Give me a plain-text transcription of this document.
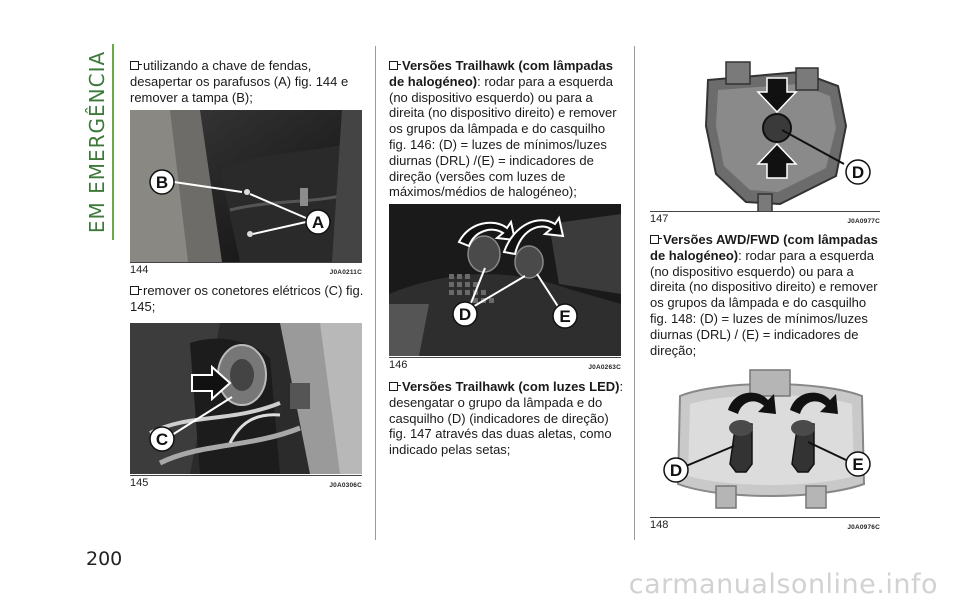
EM EMERGÊNCIA
200
utilizando a chave de fendas, desapertar os parafusos (A) fig. 144 e remover a tampa (B);
B
A
144	J0A0211C
remover os conetores elétricos (C) fig. 145;
C
145	J0A0306C
Versões Trailhawk (com lâmpadas de halogéneo): rodar para a esquerda (no dispositivo esquerdo) ou para a direita (no dispositivo direito) e remover os grupos da lâmpada e do casquilho fig. 146: (D) = luzes de mínimos/luzes diurnas (DRL) /(E) = indicadores de direção (versões com luzes de máximos/médios de halogéneo);
D	E
146	J0A0263C
Versões Trailhawk (com luzes LED): desengatar o grupo da lâmpada e do casquilho (D) (indicadores de direção) fig. 147 através das duas aletas, como indicado pelas setas;
D
147	J0A0977C
Versões AWD/FWD (com lâmpadas de halogéneo): rodar para a esquerda (no dispositivo esquerdo) ou para a direita (no dispositivo direito) e remover os grupos da lâmpada e do casquilho fig. 148: (D) = luzes de mínimos/luzes diurnas (DRL) / (E) = indicadores de direção;
D	E
148	J0A0976C
carmanualsonline.info
